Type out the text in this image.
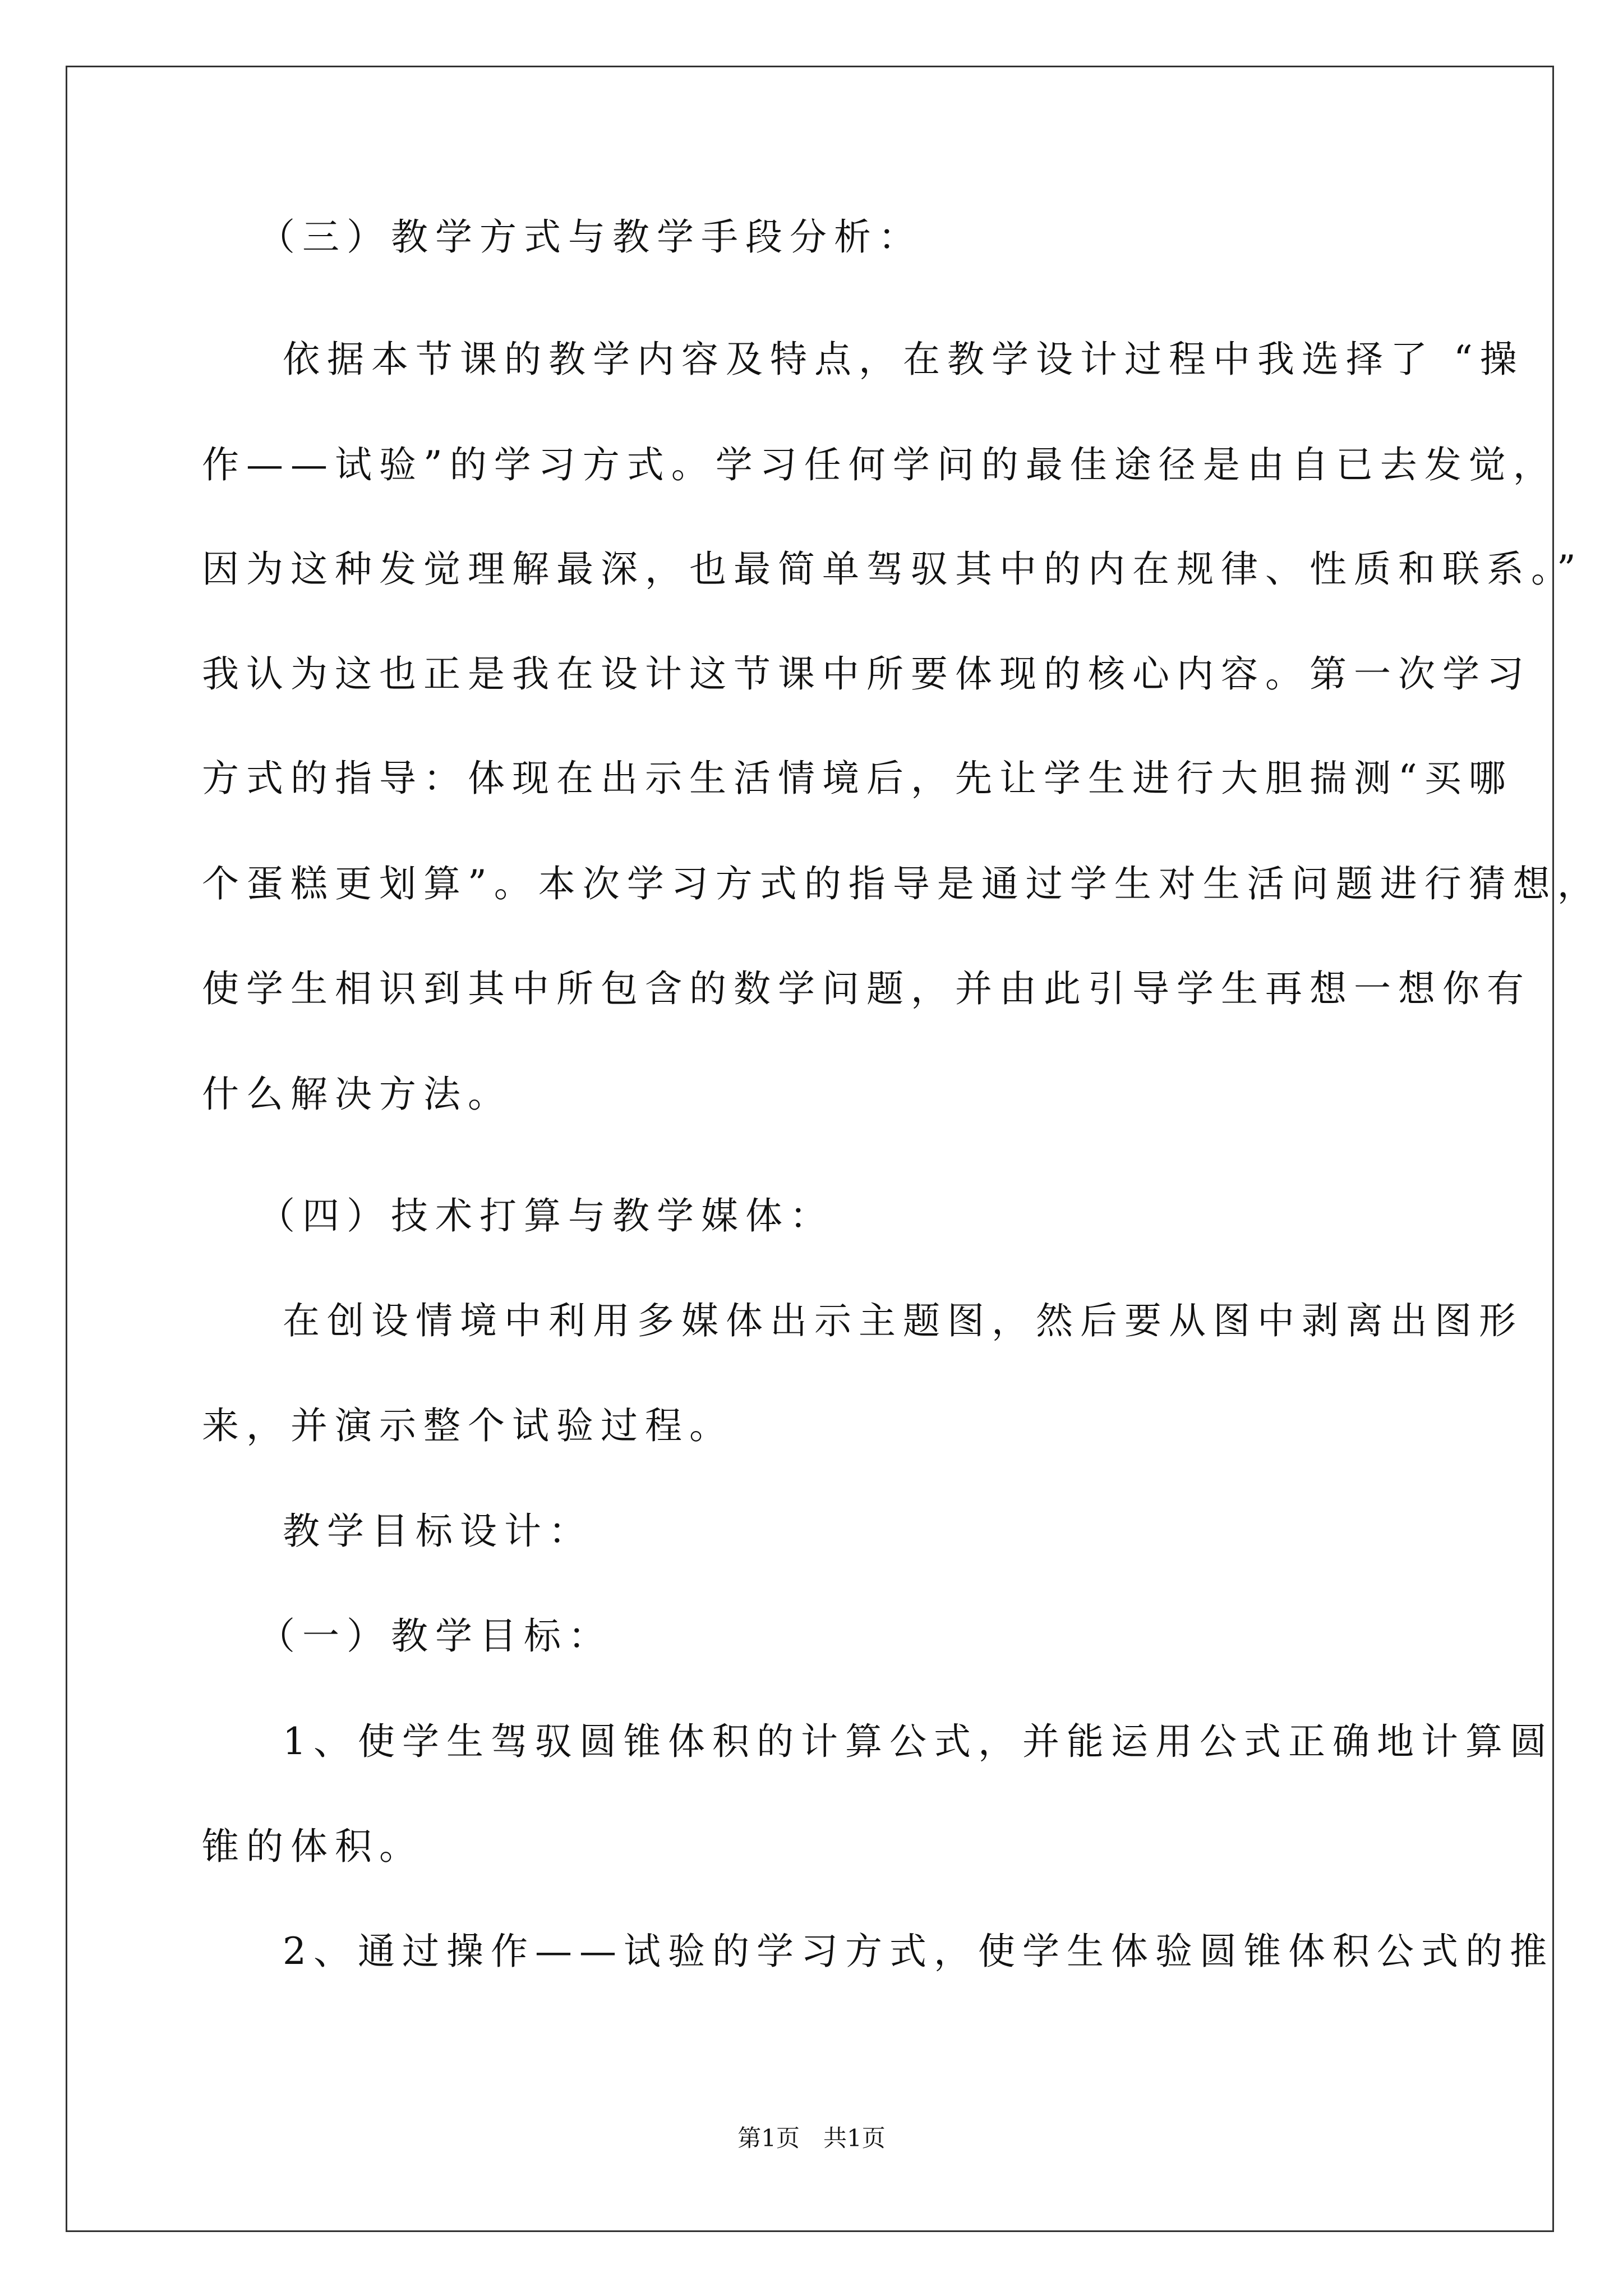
（三）教学方式与教学手段分析：
依据本节课的教学内容及特点，在教学设计过程中我选择了 “操
作——试验”的学习方式。学习任何学问的最佳途径是由自已去发觉，
因为这种发觉理解最深，也最简单驾驭其中的内在规律、性质和联系。”
我认为这也正是我在设计这节课中所要体现的核心内容。第一次学习
方式的指导：体现在出示生活情境后，先让学生进行大胆揣测“买哪
个蛋糕更划算”。本次学习方式的指导是通过学生对生活问题进行猜想，
使学生相识到其中所包含的数学问题，并由此引导学生再想一想你有
什么解决方法。
（四）技术打算与教学媒体：
在创设情境中利用多媒体出示主题图，然后要从图中剥离出图形
来，并演示整个试验过程。
教学目标设计：
（一）教学目标：
1、使学生驾驭圆锥体积的计算公式，并能运用公式正确地计算圆
锥的体积。
2、通过操作——试验的学习方式，使学生体验圆锥体积公式的推
第1页　共1页
